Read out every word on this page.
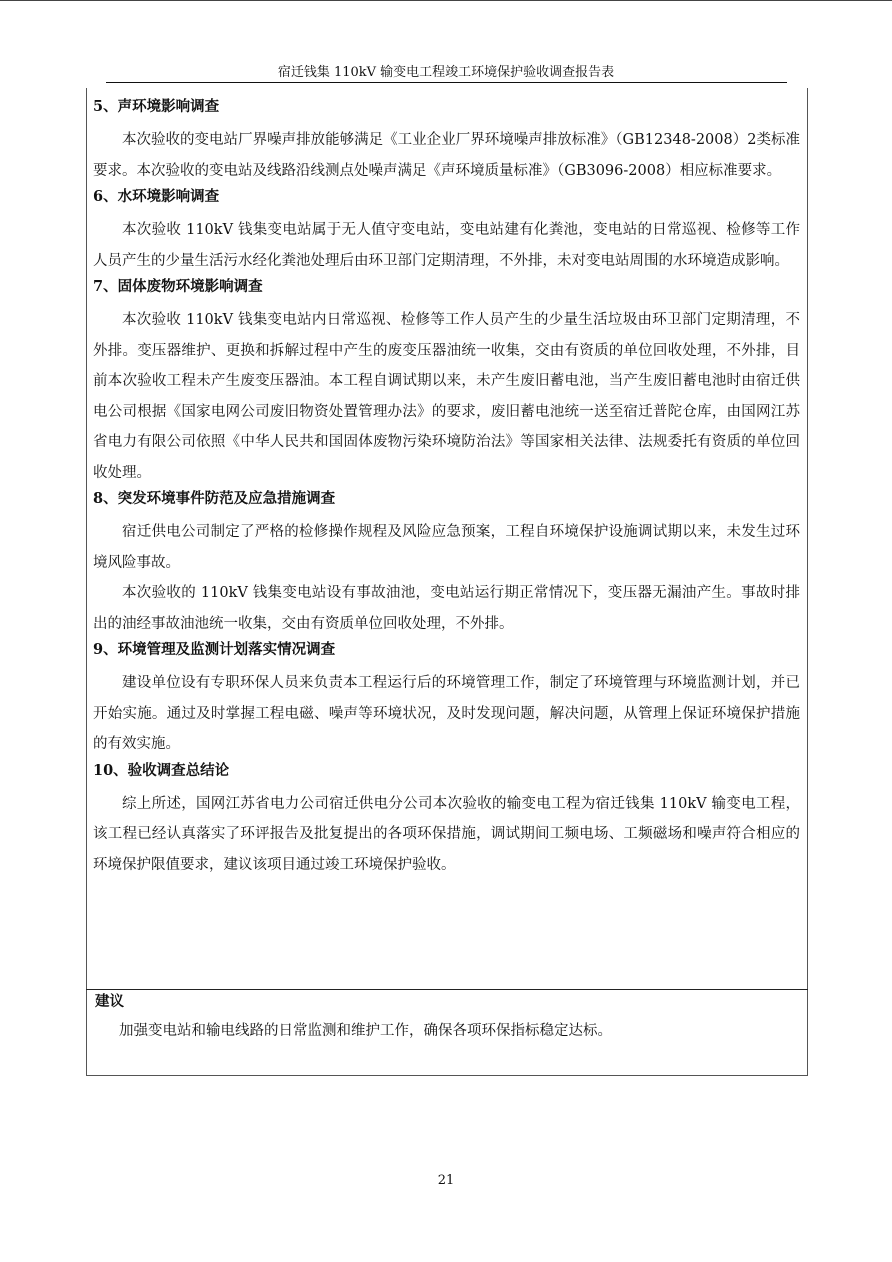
宿迁钱集 110kV 输变电工程竣工环境保护验收调查报告表
5、声环境影响调查

本次验收的变电站厂界噪声排放能够满足《工业企业厂界环境噪声排放标准》（GB12348-2008）2类标准要求。本次验收的变电站及线路沿线测点处噪声满足《声环境质量标准》（GB3096-2008）相应标准要求。

6、水环境影响调查

本次验收 110kV 钱集变电站属于无人值守变电站，变电站建有化粪池，变电站的日常巡视、检修等工作人员产生的少量生活污水经化粪池处理后由环卫部门定期清理，不外排，未对变电站周围的水环境造成影响。

7、固体废物环境影响调查

本次验收 110kV 钱集变电站内日常巡视、检修等工作人员产生的少量生活垃圾由环卫部门定期清理，不外排。变压器维护、更换和拆解过程中产生的废变压器油统一收集，交由有资质的单位回收处理，不外排，目前本次验收工程未产生废变压器油。本工程自调试期以来，未产生废旧蓄电池，当产生废旧蓄电池时由宿迁供电公司根据《国家电网公司废旧物资处置管理办法》的要求，废旧蓄电池统一送至宿迁普陀仓库，由国网江苏省电力有限公司依照《中华人民共和国固体废物污染环境防治法》等国家相关法律、法规委托有资质的单位回收处理。

8、突发环境事件防范及应急措施调查

宿迁供电公司制定了严格的检修操作规程及风险应急预案，工程自环境保护设施调试期以来，未发生过环境风险事故。

本次验收的 110kV 钱集变电站设有事故油池，变电站运行期正常情况下，变压器无漏油产生。事故时排出的油经事故油池统一收集，交由有资质单位回收处理，不外排。

9、环境管理及监测计划落实情况调查

建设单位设有专职环保人员来负责本工程运行后的环境管理工作，制定了环境管理与环境监测计划，并已开始实施。通过及时掌握工程电磁、噪声等环境状况，及时发现问题，解决问题，从管理上保证环境保护措施的有效实施。

10、验收调查总结论

综上所述，国网江苏省电力公司宿迁供电分公司本次验收的输变电工程为宿迁钱集 110kV 输变电工程，该工程已经认真落实了环评报告及批复提出的各项环保措施，调试期间工频电场、工频磁场和噪声符合相应的环境保护限值要求，建议该项目通过竣工环境保护验收。

建议
加强变电站和输电线路的日常监测和维护工作，确保各项环保指标稳定达标。
21
